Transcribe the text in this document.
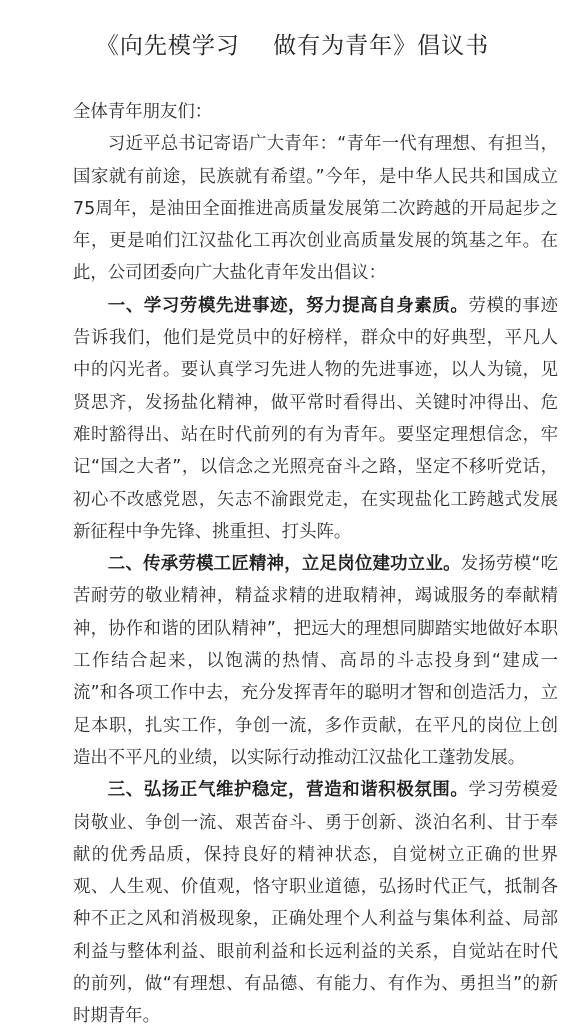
《向先模学习    做有为青年》倡议书

全体青年朋友们：

习近平总书记寄语广大青年：“青年一代有理想、有担当，国家就有前途，民族就有希望。”今年，是中华人民共和国成立75周年，是油田全面推进高质量发展第二次跨越的开局起步之年，更是咱们江汉盐化工再次创业高质量发展的筑基之年。在此，公司团委向广大盐化青年发出倡议：

一、学习劳模先进事迹，努力提高自身素质。劳模的事迹告诉我们，他们是党员中的好榜样，群众中的好典型，平凡人中的闪光者。要认真学习先进人物的先进事迹，以人为镜，见贤思齐，发扬盐化精神，做平常时看得出、关键时冲得出、危难时豁得出、站在时代前列的有为青年。要坚定理想信念，牢记“国之大者”，以信念之光照亮奋斗之路，坚定不移听党话，初心不改感党恩，矢志不渝跟党走，在实现盐化工跨越式发展新征程中争先锋、挑重担、打头阵。

二、传承劳模工匠精神，立足岗位建功立业。发扬劳模“吃苦耐劳的敬业精神，精益求精的进取精神，竭诚服务的奉献精神，协作和谐的团队精神”，把远大的理想同脚踏实地做好本职工作结合起来，以饱满的热情、高昂的斗志投身到“建成一流”和各项工作中去，充分发挥青年的聪明才智和创造活力，立足本职，扎实工作，争创一流，多作贡献，在平凡的岗位上创造出不平凡的业绩，以实际行动推动江汉盐化工蓬勃发展。

三、弘扬正气维护稳定，营造和谐积极氛围。学习劳模爱岗敬业、争创一流、艰苦奋斗、勇于创新、淡泊名利、甘于奉献的优秀品质，保持良好的精神状态，自觉树立正确的世界观、人生观、价值观，恪守职业道德，弘扬时代正气，抵制各种不正之风和消极现象，正确处理个人利益与集体利益、局部利益与整体利益、眼前利益和长远利益的关系，自觉站在时代的前列，做“有理想、有品德、有能力、有作为、勇担当”的新时期青年。
